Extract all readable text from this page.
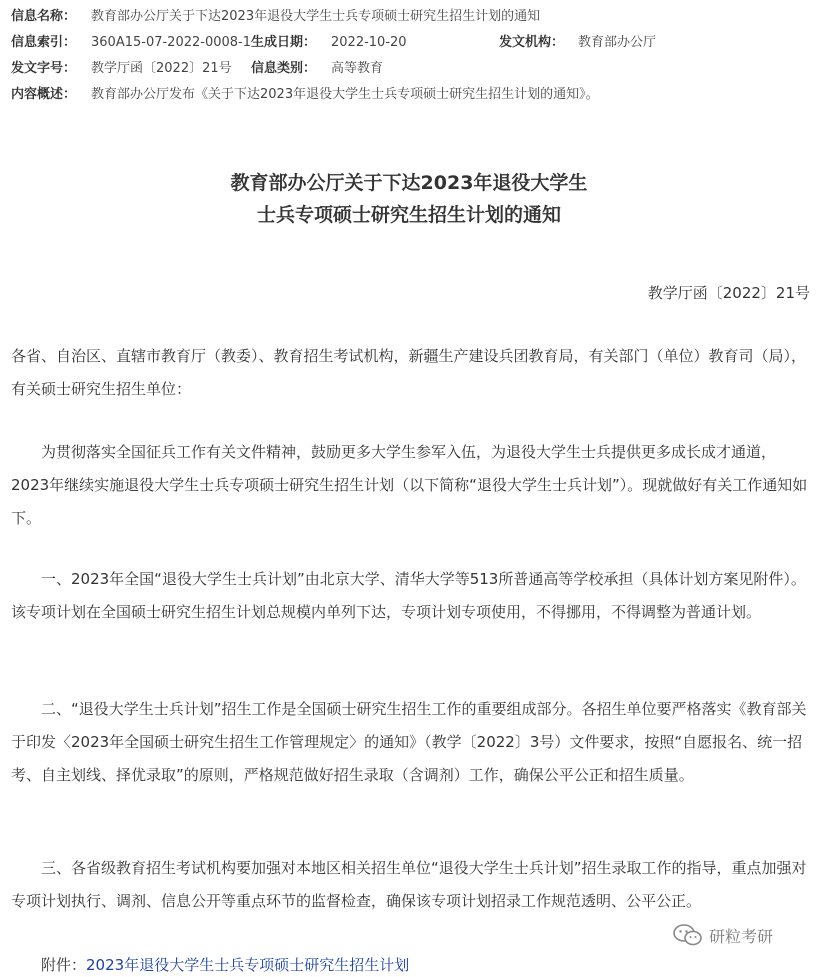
信息名称： 教育部办公厅关于下达2023年退役大学生士兵专项硕士研究生招生计划的通知
信息索引： 360A15-07-2022-0008-1 生成日期： 2022-10-20	发文机构： 教育部办公厅
发文字号： 教学厅函〔2022〕21号 信息类别： 高等教育
内容概述： 教育部办公厅发布《关于下达2023年退役大学生士兵专项硕士研究生招生计划的通知》。
教育部办公厅关于下达2023年退役大学生
士兵专项硕士研究生招生计划的通知
教学厅函〔2022〕21号
各省、自治区、直辖市教育厅（教委）、教育招生考试机构，新疆生产建设兵团教育局，有关部门（单位）教育司（局），有关硕士研究生招生单位：
为贯彻落实全国征兵工作有关文件精神，鼓励更多大学生参军入伍，为退役大学生士兵提供更多成长成才通道，2023年继续实施退役大学生士兵专项硕士研究生招生计划（以下简称“退役大学生士兵计划”）。现就做好有关工作通知如下。
一、2023年全国“退役大学生士兵计划”由北京大学、清华大学等513所普通高等学校承担（具体计划方案见附件）。该专项计划在全国硕士研究生招生计划总规模内单列下达，专项计划专项使用，不得挪用，不得调整为普通计划。
二、“退役大学生士兵计划”招生工作是全国硕士研究生招生工作的重要组成部分。各招生单位要严格落实《教育部关于印发〈2023年全国硕士研究生招生工作管理规定〉的通知》（教学〔2022〕3号）文件要求，按照“自愿报名、统一招考、自主划线、择优录取”的原则，严格规范做好招生录取（含调剂）工作，确保公平公正和招生质量。
三、各省级教育招生考试机构要加强对本地区相关招生单位“退役大学生士兵计划”招生录取工作的指导，重点加强对专项计划执行、调剂、信息公开等重点环节的监督检查，确保该专项计划招录工作规范透明、公平公正。
附件：2023年退役大学生士兵专项硕士研究生招生计划
研粒考研
